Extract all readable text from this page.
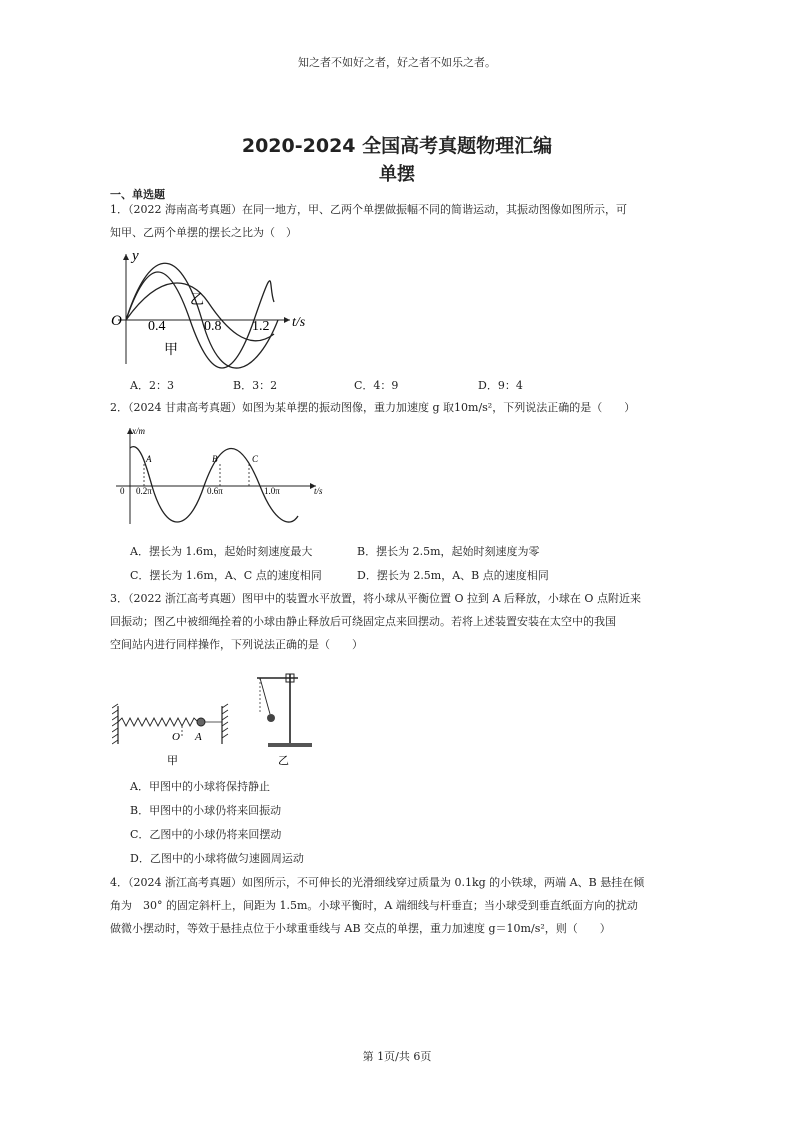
知之者不如好之者，好之者不如乐之者。
2020-2024 全国高考真题物理汇编
单摆
一、单选题
1．（2022 海南高考真题）在同一地方，甲、乙两个单摆做振幅不同的简谐运动，其振动图像如图所示，可
知甲、乙两个单摆的摆长之比为（　）
y
O	t/s
0.4	0.8 1.2
乙
甲
A．2：3	B．3：2	C．4：9	D．9：4
2．（2024 甘肃高考真题）如图为某单摆的振动图像，重力加速度 g 取10m/s²，下列说法正确的是（　　）
x/m
0	t/s
0.2π	0.6π	1.0π
A	B	C
A．摆长为 1.6m，起始时刻速度最大	B．摆长为 2.5m，起始时刻速度为零
C．摆长为 1.6m，A、C 点的速度相同	D．摆长为 2.5m，A、B 点的速度相同
3．（2022 浙江高考真题）图甲中的装置水平放置，将小球从平衡位置 O 拉到 A 后释放，小球在 O 点附近来
回振动；图乙中被细绳拴着的小球由静止释放后可绕固定点来回摆动。若将上述装置安装在太空中的我国
空间站内进行同样操作，下列说法正确的是（　　）
O A
甲	乙
A．甲图中的小球将保持静止
B．甲图中的小球仍将来回振动
C．乙图中的小球仍将来回摆动
D．乙图中的小球将做匀速圆周运动
4．（2024 浙江高考真题）如图所示，不可伸长的光滑细线穿过质量为 0.1kg 的小铁球，两端 A、B 悬挂在倾
角为　30° 的固定斜杆上，间距为 1.5m。小球平衡时，A 端细线与杆垂直；当小球受到垂直纸面方向的扰动
做微小摆动时，等效于悬挂点位于小球重垂线与 AB 交点的单摆，重力加速度 g＝10m/s²，则（　　）
第 1页/共 6页
